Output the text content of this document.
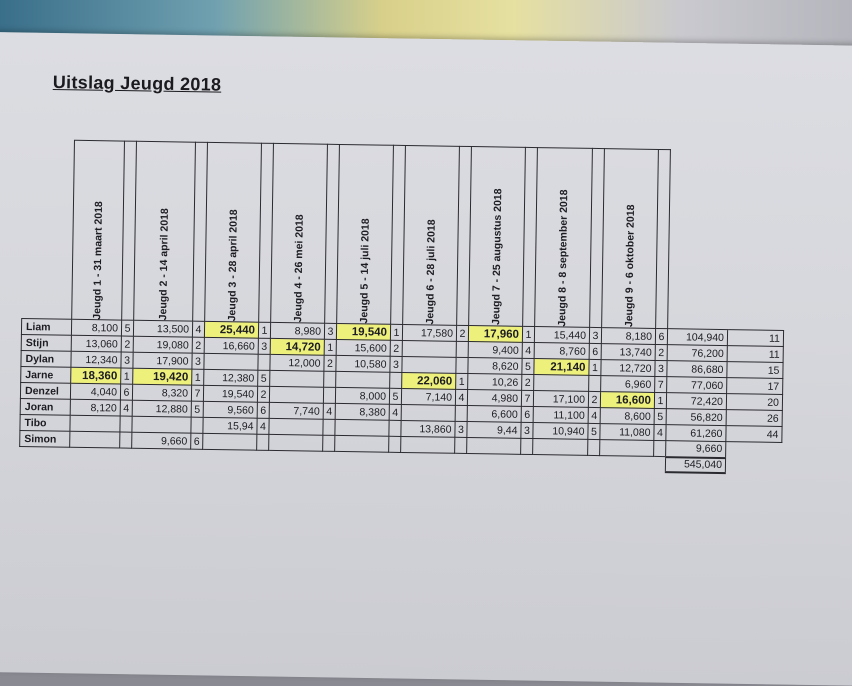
Uitslag Jeugd 2018

	Jeugd 1 - 31 maart 2018		Jeugd 2 - 14 april 2018		Jeugd 3 - 28 april 2018		Jeugd 4 - 26 mei 2018		Jeugd 5 - 14 juli 2018		Jeugd 6 - 28 juli 2018		Jeugd 7 - 25 augustus 2018		Jeugd 8 - 8 september 2018		Jeugd 9 - 6 oktober 2018			

Liam	8,100	5	13,500	4	25,440	1	8,980	3	19,540	1	17,580	2	17,960	1	15,440	3	8,180	6	104,940	11
Stijn	13,060	2	19,080	2	16,660	3	14,720	1	15,600	2			9,400	4	8,760	6	13,740	2	76,200	11
Dylan	12,340	3	17,900	3			12,000	2	10,580	3			8,620	5	21,140	1	12,720	3	86,680	15
Jarne	18,360	1	19,420	1	12,380	5					22,060	1	10,26	2			6,960	7	77,060	17
Denzel	4,040	6	8,320	7	19,540	2			8,000	5	7,140	4	4,980	7	17,100	2	16,600	1	72,420	20
Joran	8,120	4	12,880	5	9,560	6	7,740	4	8,380	4			6,600	6	11,100	4	8,600	5	56,820	26
Tibo					15,94	4					13,860	3	9,44	3	10,940	5	11,080	4	61,260	44
Simon			9,660	6															9,660	
																			545,040	
